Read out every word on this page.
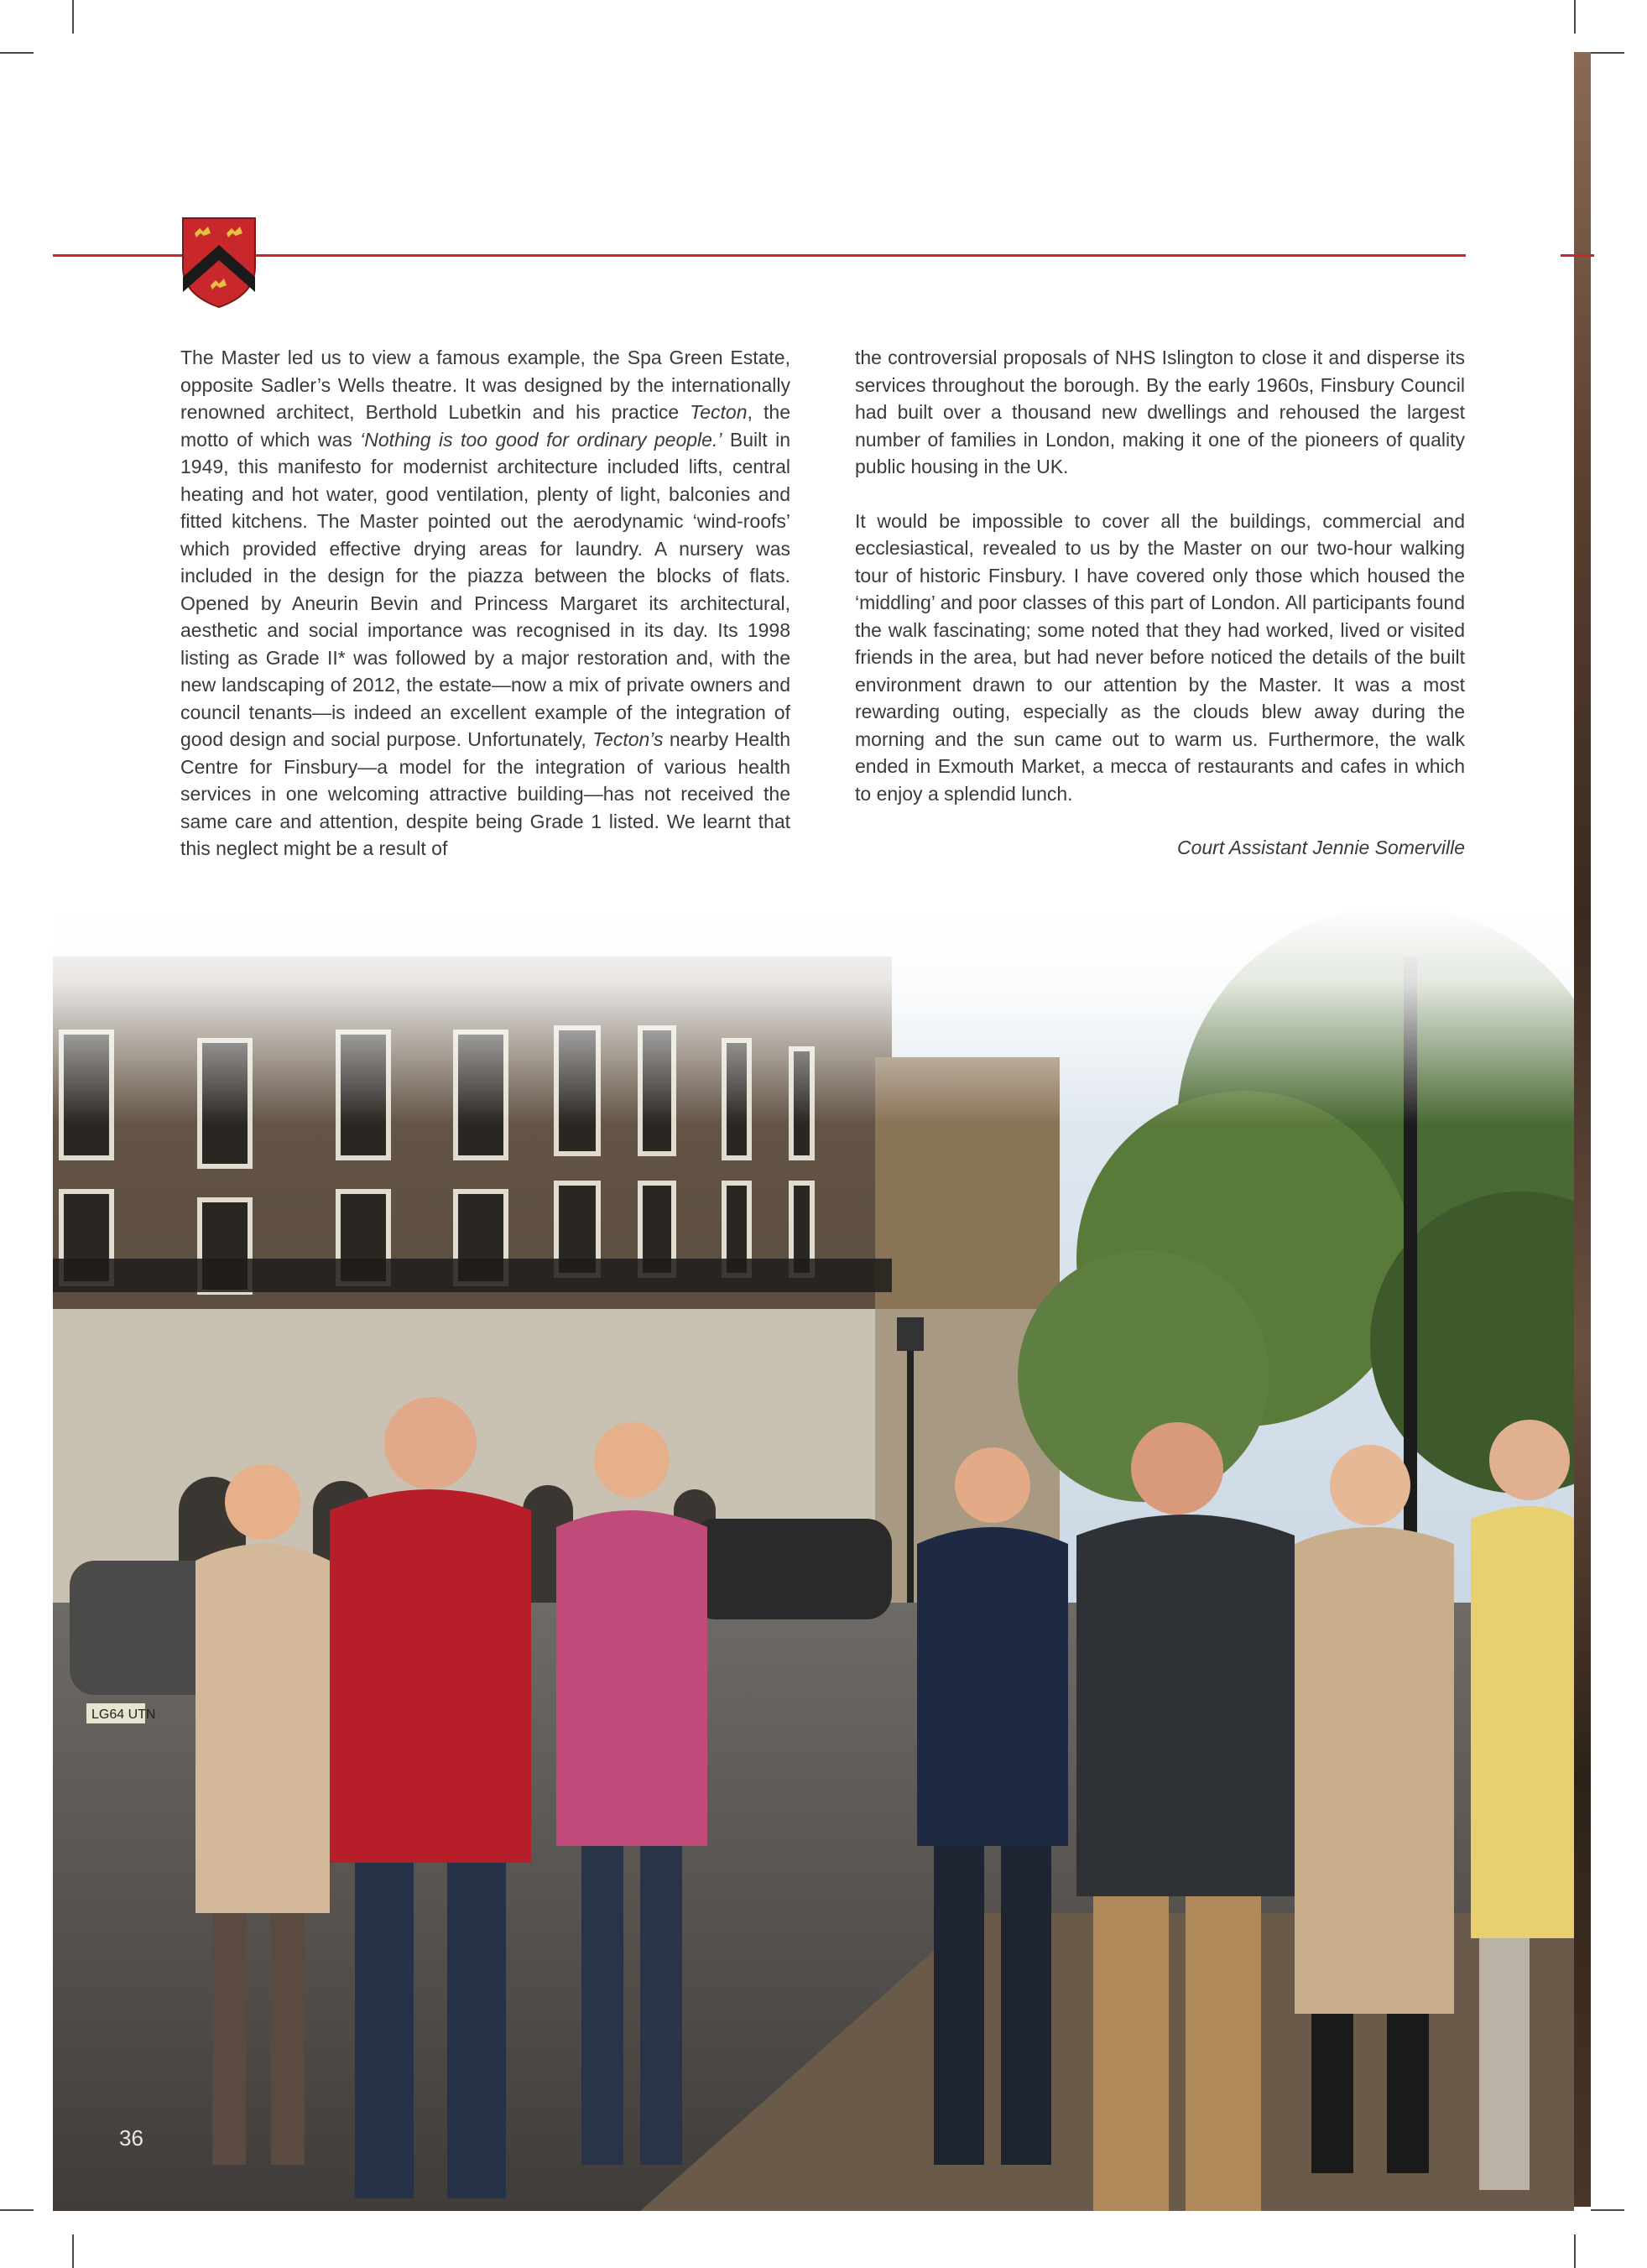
The Master led us to view a famous example, the Spa Green Estate, opposite Sadler’s Wells theatre. It was designed by the internationally renowned architect, Berthold Lubetkin and his practice Tecton, the motto of which was ‘Nothing is too good for ordinary people.’ Built in 1949, this manifesto for modernist architecture included lifts, central heating and hot water, good ventilation, plenty of light, balconies and fitted kitchens. The Master pointed out the aerodynamic ‘wind-roofs’ which provided effective drying areas for laundry. A nursery was included in the design for the piazza between the blocks of flats. Opened by Aneurin Bevin and Princess Margaret its architectural, aesthetic and social importance was recognised in its day. Its 1998 listing as Grade II* was followed by a major restoration and, with the new landscaping of 2012, the estate—now a mix of private owners and council tenants—is indeed an excellent example of the integration of good design and social purpose. Unfortunately, Tecton’s nearby Health Centre for Finsbury—a model for the integration of various health services in one welcoming attractive building—has not received the same care and attention, despite being Grade 1 listed. We learnt that this neglect might be a result of

the controversial proposals of NHS Islington to close it and disperse its services throughout the borough. By the early 1960s, Finsbury Council had built over a thousand new dwellings and rehoused the largest number of families in London, making it one of the pioneers of quality public housing in the UK.

It would be impossible to cover all the buildings, commercial and ecclesiastical, revealed to us by the Master on our two-hour walking tour of historic Finsbury. I have covered only those which housed the ‘middling’ and poor classes of this part of London. All participants found the walk fascinating; some noted that they had worked, lived or visited friends in the area, but had never before noticed the details of the built environment drawn to our attention by the Master. It was a most rewarding outing, especially as the clouds blew away during the morning and the sun came out to warm us. Furthermore, the walk ended in Exmouth Market, a mecca of restaurants and cafes in which to enjoy a splendid lunch.

Court Assistant Jennie Somerville

LG64 UTN
36
